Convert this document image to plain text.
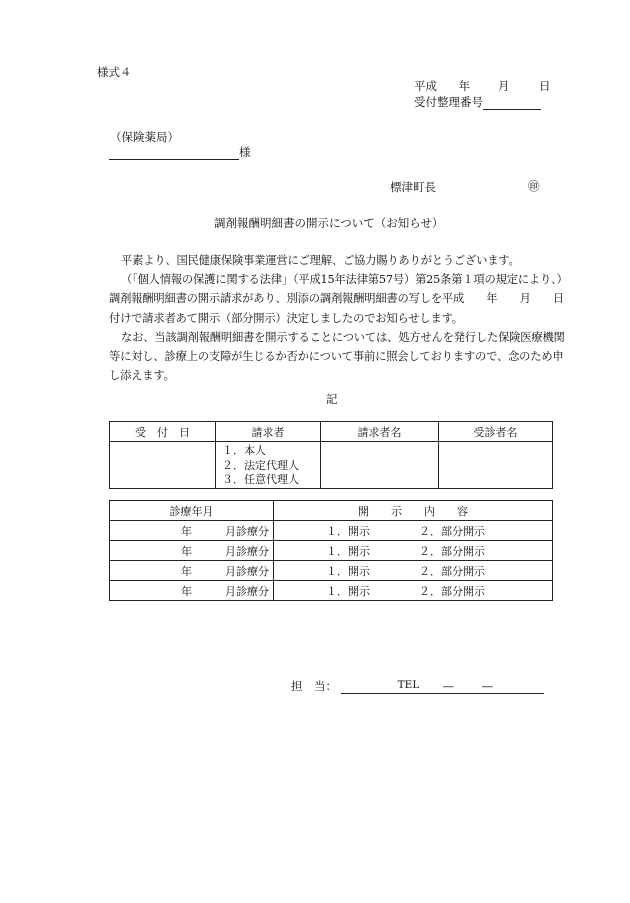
様式４
平成 年 月	日
受付整理番号
（保険薬局）
様
標津町長	㊞
調剤報酬明細書の開示について（お知らせ）

平素より、国民健康保険事業運営にご理解、ご協力賜りありがとうございます。

（「個人情報の保護に関する法律」（平成15年法律第57号）第25条第１項の規定により、）調剤報酬明細書の開示請求があり、別添の調剤報酬明細書の写しを平成　　年　　月　　日付けで請求者あて開示（部分開示）決定しましたのでお知らせします。

なお、当該調剤報酬明細書を開示することについては、処方せんを発行した保険医療機関等に対し、診療上の支障が生じるか否かについて事前に照会しておりますので、念のため申し添えます。

記
受　付　日	請求者	請求者名	受診者名

	１．本人
２．法定代理人
３．任意代理人		

診療年月	開　　示　　内　　容
年　　　月診療分	１．開示 ２．部分開示
年　　　月診療分	１．開示 ２．部分開示
年　　　月診療分	１．開示 ２．部分開示
年　　　月診療分	１．開示 ２．部分開示
担　当：	TEL — —
